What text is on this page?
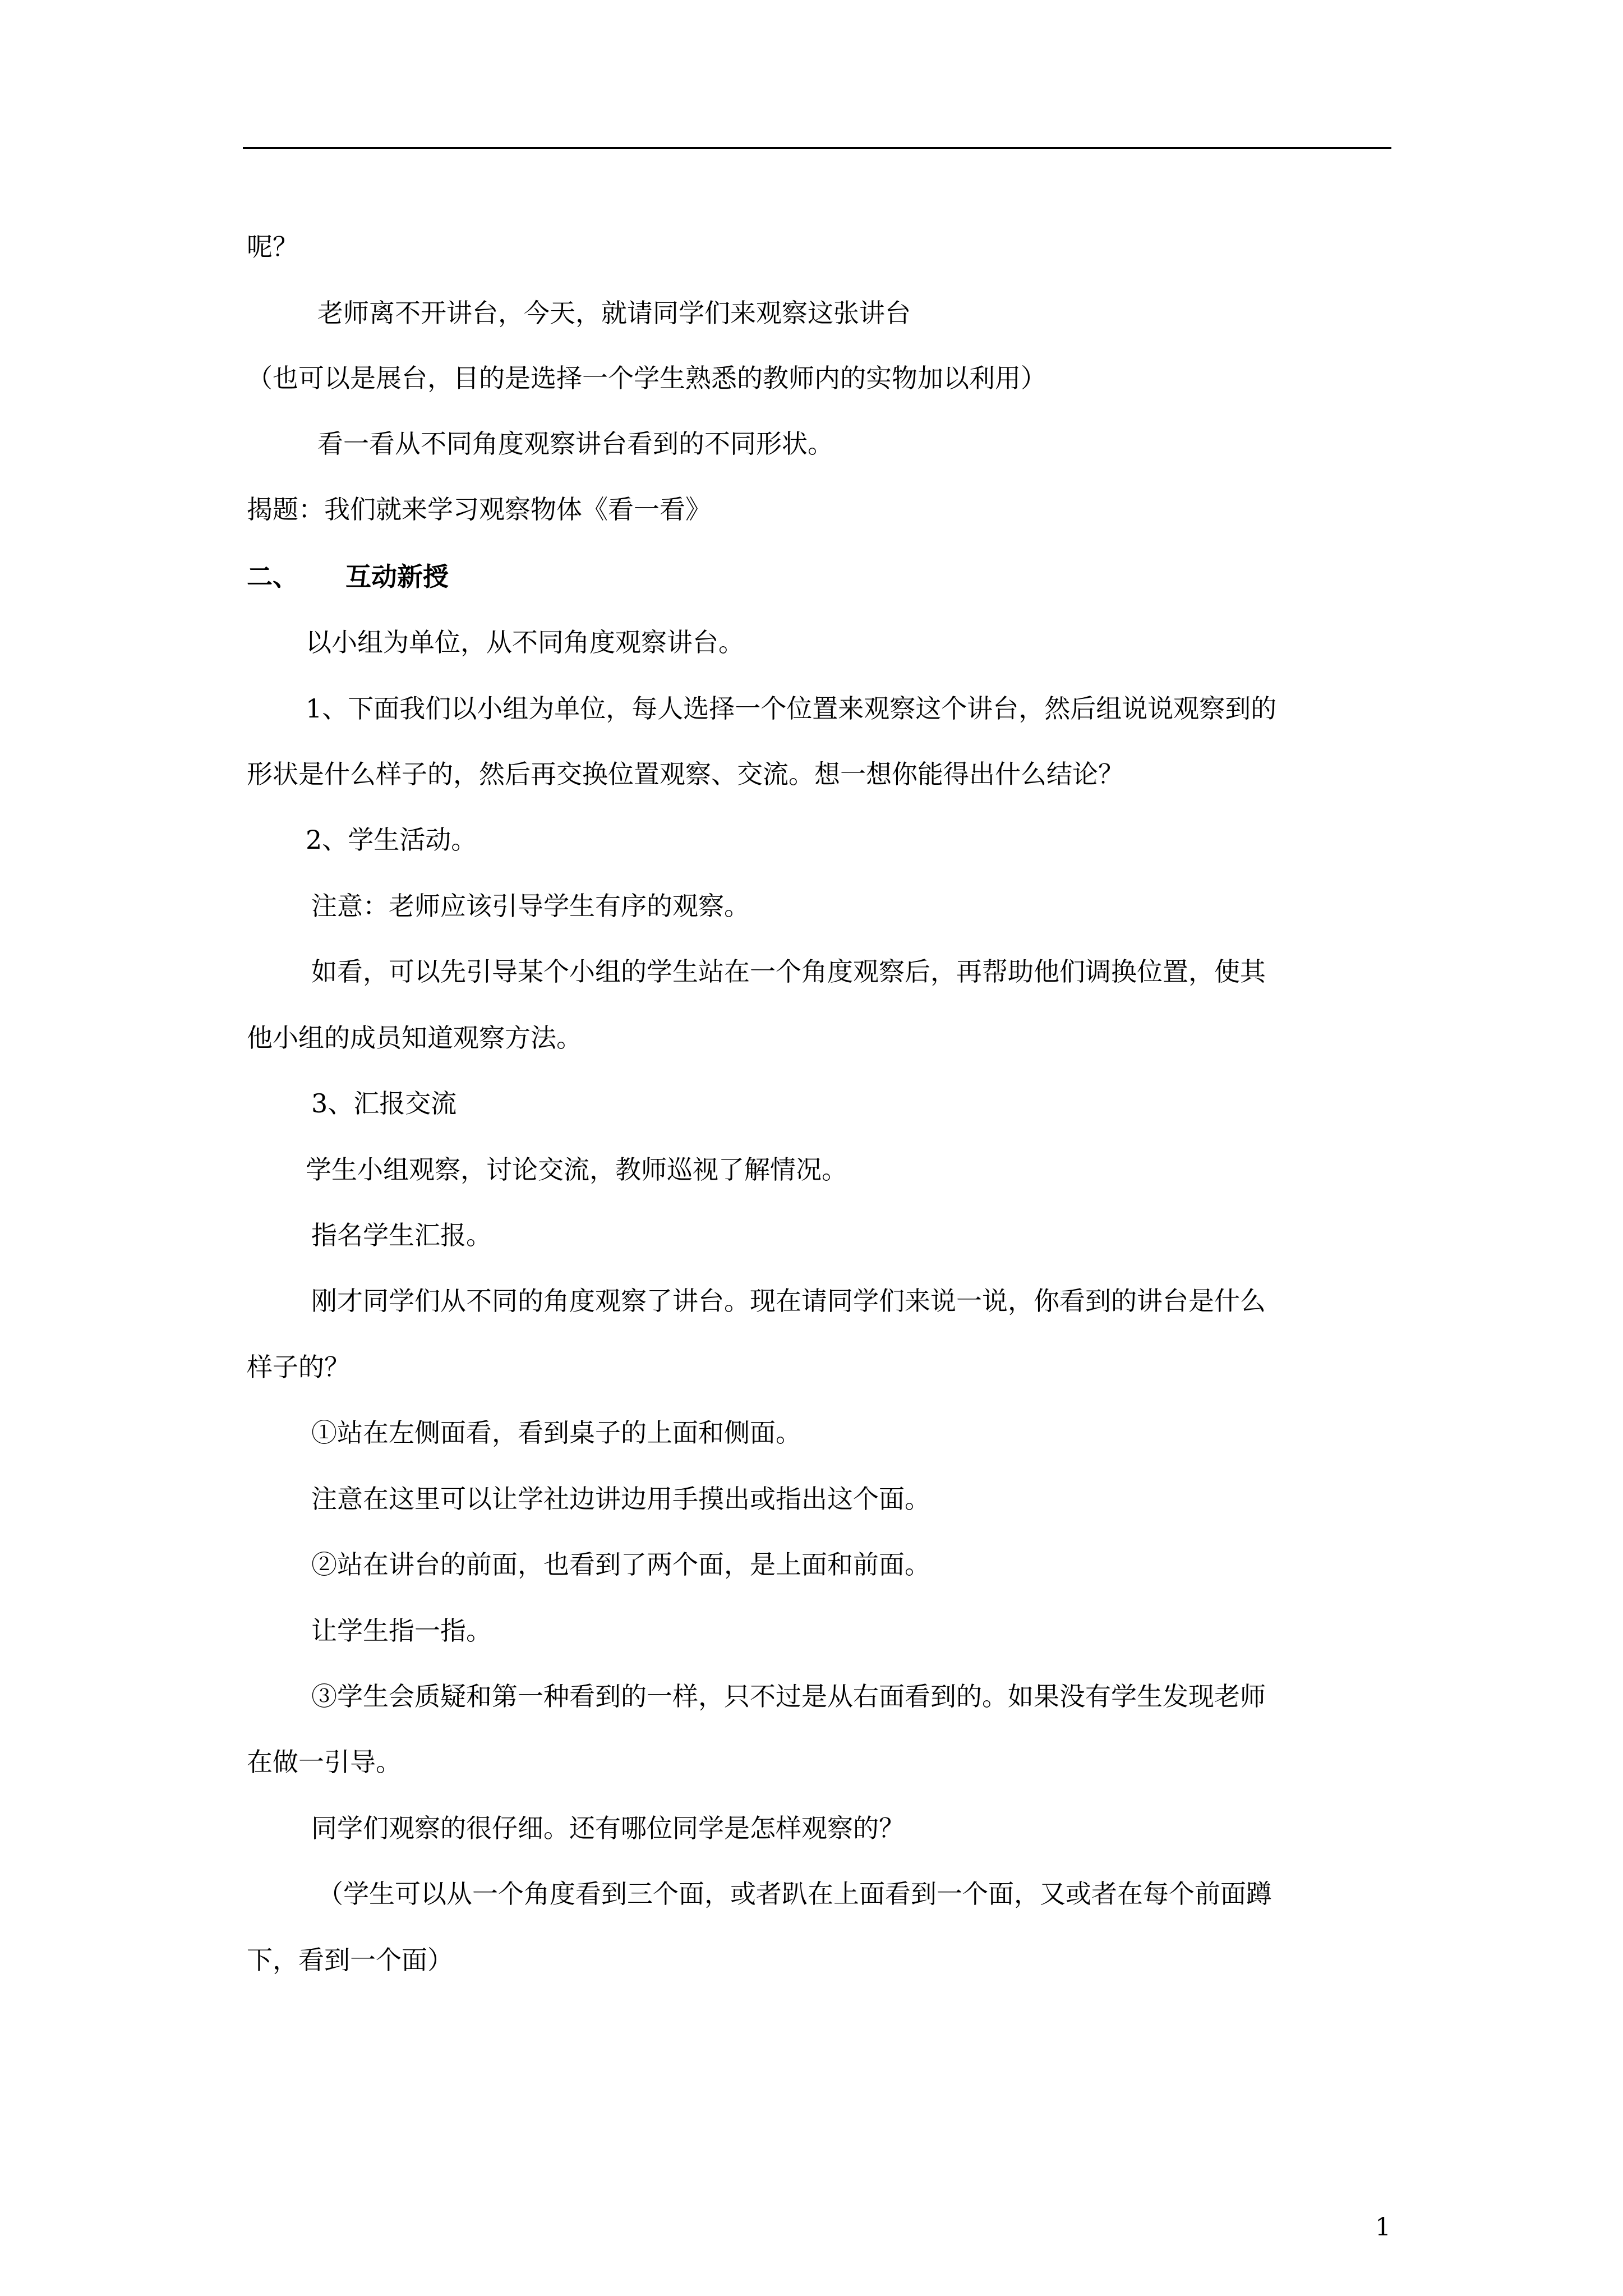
呢？
老师离不开讲台，今天，就请同学们来观察这张讲台
（也可以是展台，目的是选择一个学生熟悉的教师内的实物加以利用）
看一看从不同角度观察讲台看到的不同形状。
揭题：我们就来学习观察物体《看一看》
二、 互动新授
以小组为单位，从不同角度观察讲台。
1、下面我们以小组为单位，每人选择一个位置来观察这个讲台，然后组说说观察到的
形状是什么样子的，然后再交换位置观察、交流。想一想你能得出什么结论？
2、学生活动。
注意：老师应该引导学生有序的观察。
如看，可以先引导某个小组的学生站在一个角度观察后，再帮助他们调换位置，使其
他小组的成员知道观察方法。
3、汇报交流
学生小组观察，讨论交流，教师巡视了解情况。
指名学生汇报。
刚才同学们从不同的角度观察了讲台。现在请同学们来说一说，你看到的讲台是什么
样子的？
①站在左侧面看，看到桌子的上面和侧面。
注意在这里可以让学社边讲边用手摸出或指出这个面。
②站在讲台的前面，也看到了两个面，是上面和前面。
让学生指一指。
③学生会质疑和第一种看到的一样，只不过是从右面看到的。如果没有学生发现老师
在做一引导。
同学们观察的很仔细。还有哪位同学是怎样观察的？
（学生可以从一个角度看到三个面，或者趴在上面看到一个面，又或者在每个前面蹲
下，看到一个面）
1
